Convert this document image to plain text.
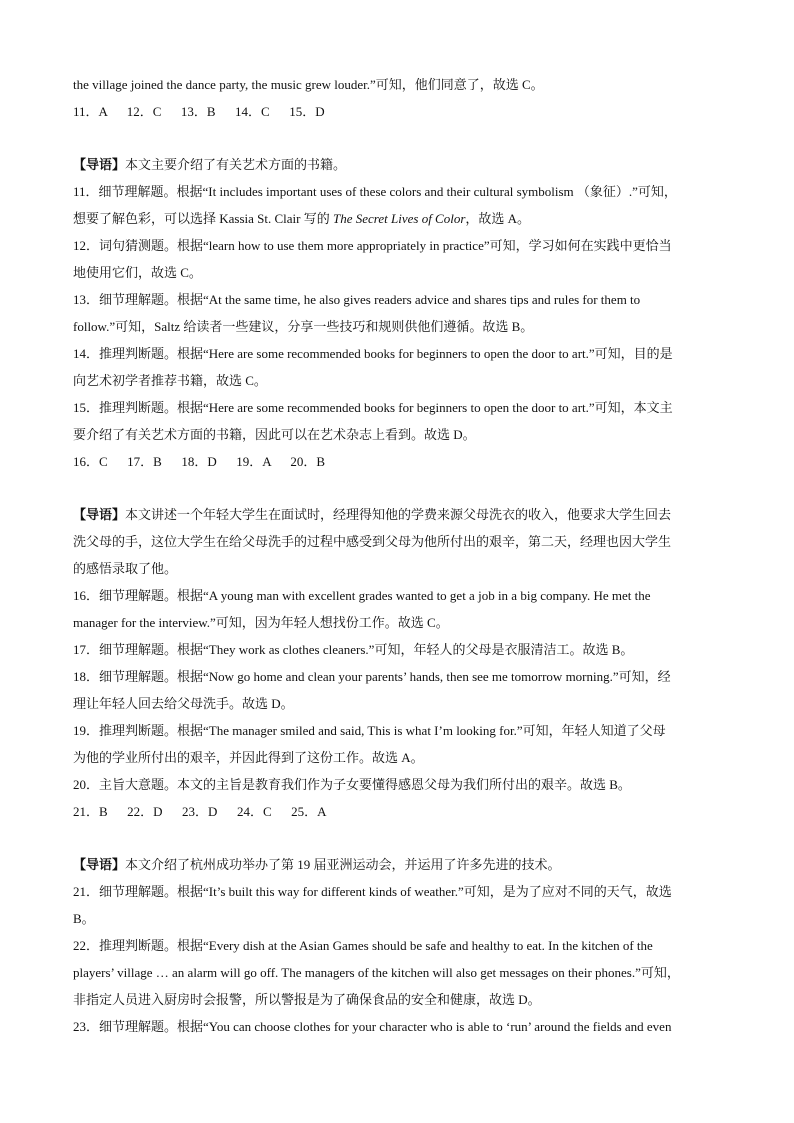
the village joined the dance party, the music grew louder.”可知，他们同意了，故选 C。
11．A      12．C      13．B      14．C      15．D
【导语】本文主要介绍了有关艺术方面的书籍。
11．细节理解题。根据“It includes important uses of these colors and their cultural symbolism （象征）.”可知，
想要了解色彩，可以选择 Kassia St. Clair 写的 The Secret Lives of Color，故选 A。
12．词句猜测题。根据“learn how to use them more appropriately in practice”可知，学习如何在实践中更恰当
地使用它们，故选 C。
13．细节理解题。根据“At the same time, he also gives readers advice and shares tips and rules for them to
follow.”可知，Saltz 给读者一些建议，分享一些技巧和规则供他们遵循。故选 B。
14．推理判断题。根据“Here are some recommended books for beginners to open the door to art.”可知，目的是
向艺术初学者推荐书籍，故选 C。
15．推理判断题。根据“Here are some recommended books for beginners to open the door to art.”可知，本文主
要介绍了有关艺术方面的书籍，因此可以在艺术杂志上看到。故选 D。
16．C      17．B      18．D      19．A      20．B
【导语】本文讲述一个年轻大学生在面试时，经理得知他的学费来源父母洗衣的收入，他要求大学生回去
洗父母的手，这位大学生在给父母洗手的过程中感受到父母为他所付出的艰辛，第二天，经理也因大学生
的感悟录取了他。
16．细节理解题。根据“A young man with excellent grades wanted to get a job in a big company. He met the
manager for the interview.”可知，因为年轻人想找份工作。故选 C。
17．细节理解题。根据“They work as clothes cleaners.”可知，年轻人的父母是衣服清洁工。故选 B。
18．细节理解题。根据“Now go home and clean your parents’ hands, then see me tomorrow morning.”可知，经
理让年轻人回去给父母洗手。故选 D。
19．推理判断题。根据“The manager smiled and said, This is what I’m looking for.”可知，年轻人知道了父母
为他的学业所付出的艰辛，并因此得到了这份工作。故选 A。
20．主旨大意题。本文的主旨是教育我们作为子女要懂得感恩父母为我们所付出的艰辛。故选 B。
21．B      22．D      23．D      24．C      25．A
【导语】本文介绍了杭州成功举办了第 19 届亚洲运动会，并运用了许多先进的技术。
21．细节理解题。根据“It’s built this way for different kinds of weather.”可知，是为了应对不同的天气，故选
B。
22．推理判断题。根据“Every dish at the Asian Games should be safe and healthy to eat. In the kitchen of the
players’ village … an alarm will go off. The managers of the kitchen will also get messages on their phones.”可知，
非指定人员进入厨房时会报警，所以警报是为了确保食品的安全和健康，故选 D。
23．细节理解题。根据“You can choose clothes for your character who is able to ‘run’ around the fields and even
